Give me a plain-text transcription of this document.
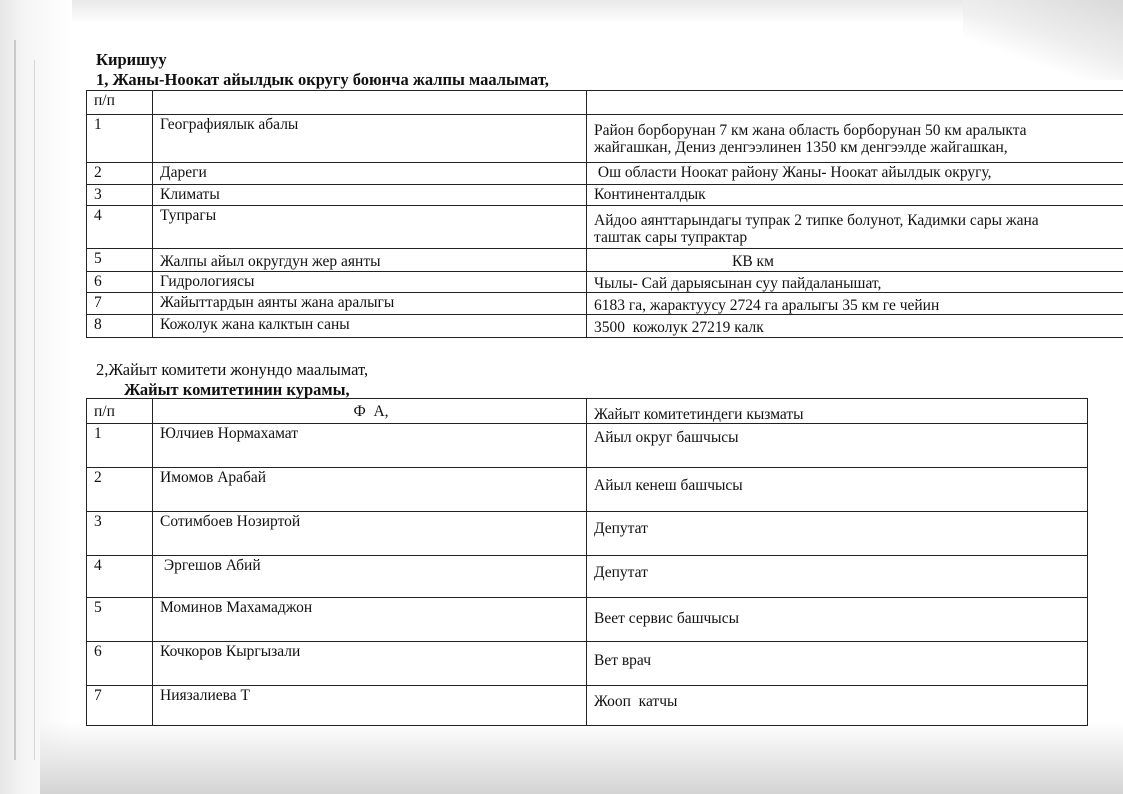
Киришуу
1, Жаны-Ноокат айылдык округу боюнча жалпы маалымат,
п/п		
1	Географиялык абалы	Район борборунан 7 км жана область борборунан 50 км аралыкта
жайгашкан, Дениз денгээлинен 1350 км денгээлде жайгашкан,

2	Дареги	Ош области Ноокат району Жаны- Ноокат айылдык округу,
3	Климаты	Континенталдык
4	Тупрагы	Айдоо аянттарындагы тупрак 2 типке болунот, Кадимки сары жана
таштак сары тупрактар

5	Жалпы айыл округдун жер аянты	КВ км
6	Гидрологиясы	Чылы- Сай дарыясынан суу пайдаланышат,
7	Жайыттардын аянты жана аралыгы	6183 га, жарактуусу 2724 га аралыгы 35 км ге чейин
8	Кожолук жана калктын саны	3500  кожолук 27219 калк
2,Жайыт комитети жонундо маалымат,
Жайыт комитетинин курамы,
п/п	Ф  А,	Жайыт комитетиндеги кызматы
1	Юлчиев Нормахамат	Айыл округ башчысы
2	Имомов Арабай	Айыл кенеш башчысы
3	Сотимбоев Нозиртой	Депутат
4	Эргешов Абий	Депутат
5	Моминов Махамаджон	Веет сервис башчысы
6	Кочкоров Кыргызали	Вет врач
7	Ниязалиева Т	Жооп  катчы
